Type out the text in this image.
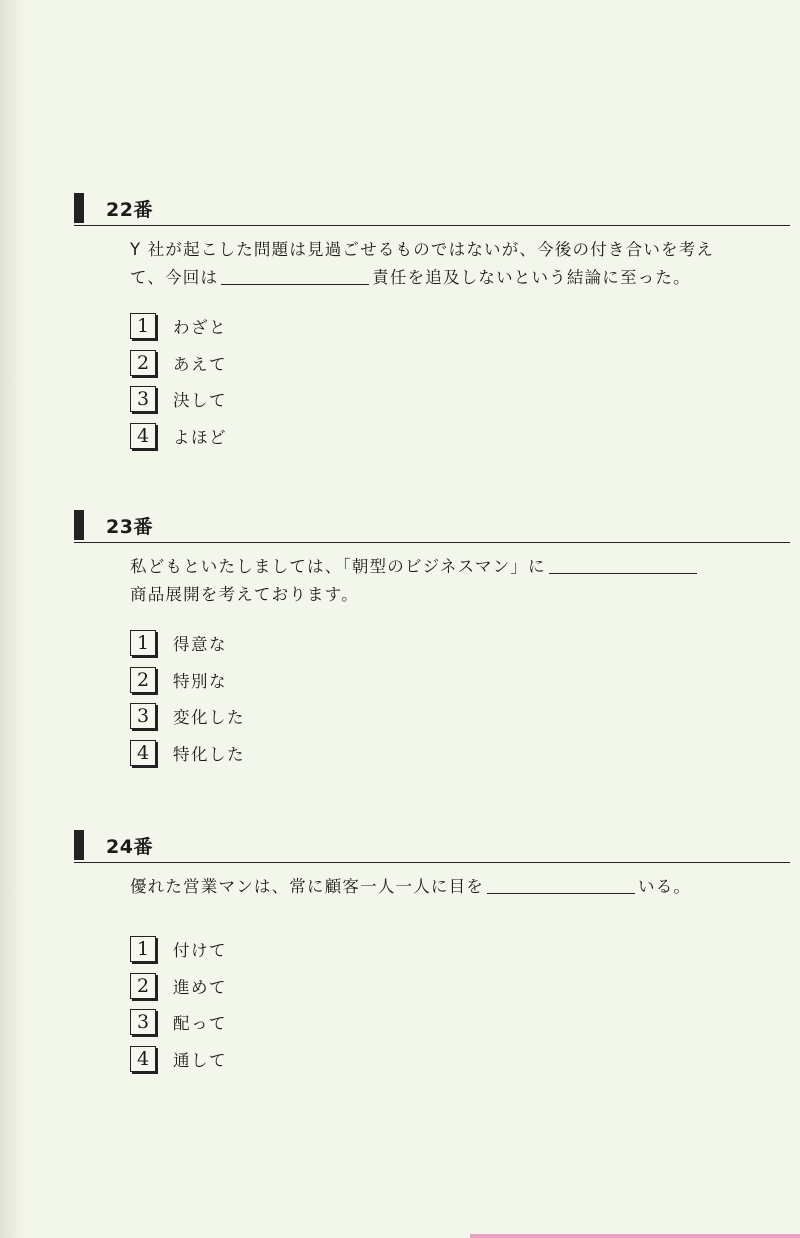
22番
Y 社が起こした問題は見過ごせるものではないが、今後の付き合いを考え
て、今回は	責任を追及しないという結論に至った。
1	わざと
2	あえて
3	決して
4	よほど
23番
私どもといたしましては、「朝型のビジネスマン」に
商品展開を考えております。
1	得意な
2	特別な
3	変化した
4	特化した
24番
優れた営業マンは、常に顧客一人一人に目を	いる。
1	付けて
2	進めて
3	配って
4	通して
